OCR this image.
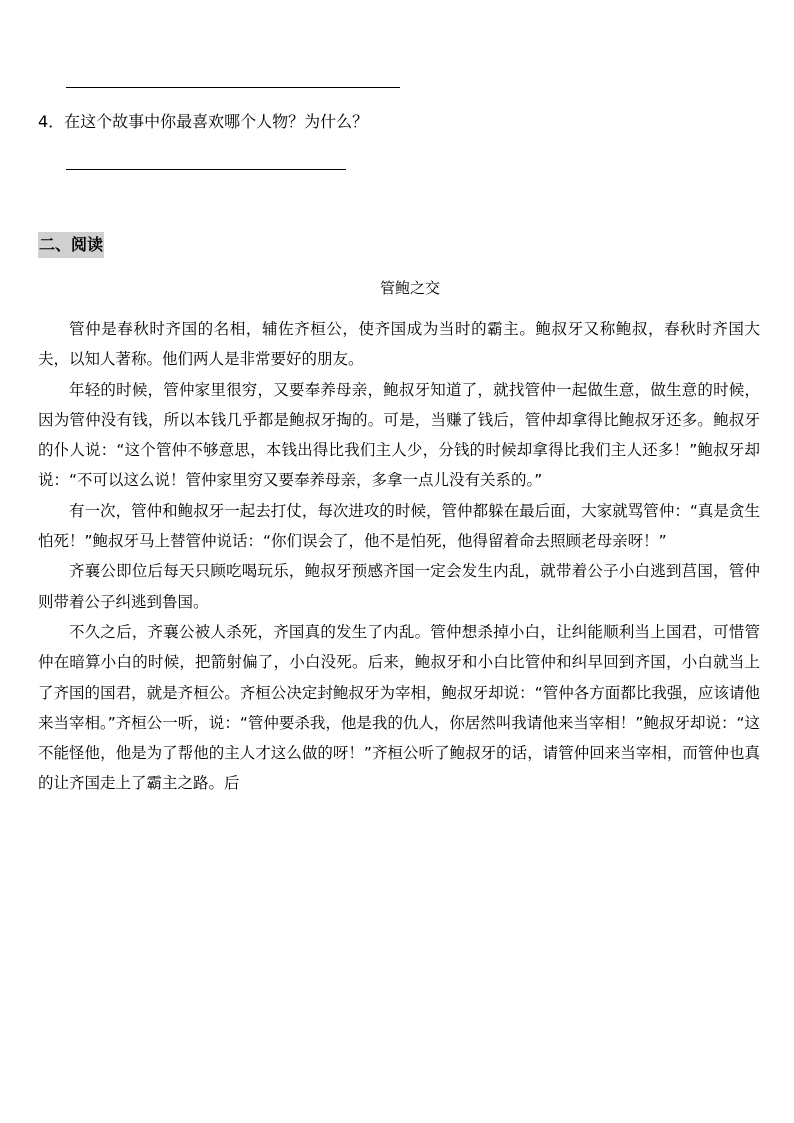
4．在这个故事中你最喜欢哪个人物？为什么？
二、阅读
管鲍之交

管仲是春秋时齐国的名相，辅佐齐桓公，使齐国成为当时的霸主。鲍叔牙又称鲍叔，春秋时齐国大夫，以知人著称。他们两人是非常要好的朋友。

年轻的时候，管仲家里很穷，又要奉养母亲，鲍叔牙知道了，就找管仲一起做生意，做生意的时候，因为管仲没有钱，所以本钱几乎都是鲍叔牙掏的。可是，当赚了钱后，管仲却拿得比鲍叔牙还多。鲍叔牙的仆人说：“这个管仲不够意思，本钱出得比我们主人少，分钱的时候却拿得比我们主人还多！”鲍叔牙却说：“不可以这么说！管仲家里穷又要奉养母亲，多拿一点儿没有关系的。”

有一次，管仲和鲍叔牙一起去打仗，每次进攻的时候，管仲都躲在最后面，大家就骂管仲：“真是贪生怕死！”鲍叔牙马上替管仲说话：“你们误会了，他不是怕死，他得留着命去照顾老母亲呀！”

齐襄公即位后每天只顾吃喝玩乐，鲍叔牙预感齐国一定会发生内乱，就带着公子小白逃到莒国，管仲则带着公子纠逃到鲁国。

不久之后，齐襄公被人杀死，齐国真的发生了内乱。管仲想杀掉小白，让纠能顺利当上国君，可惜管仲在暗算小白的时候，把箭射偏了，小白没死。后来，鲍叔牙和小白比管仲和纠早回到齐国，小白就当上了齐国的国君，就是齐桓公。齐桓公决定封鲍叔牙为宰相，鲍叔牙却说：“管仲各方面都比我强，应该请他来当宰相。”齐桓公一听，说：“管仲要杀我，他是我的仇人，你居然叫我请他来当宰相！”鲍叔牙却说：“这不能怪他，他是为了帮他的主人才这么做的呀！”齐桓公听了鲍叔牙的话，请管仲回来当宰相，而管仲也真的让齐国走上了霸主之路。后
